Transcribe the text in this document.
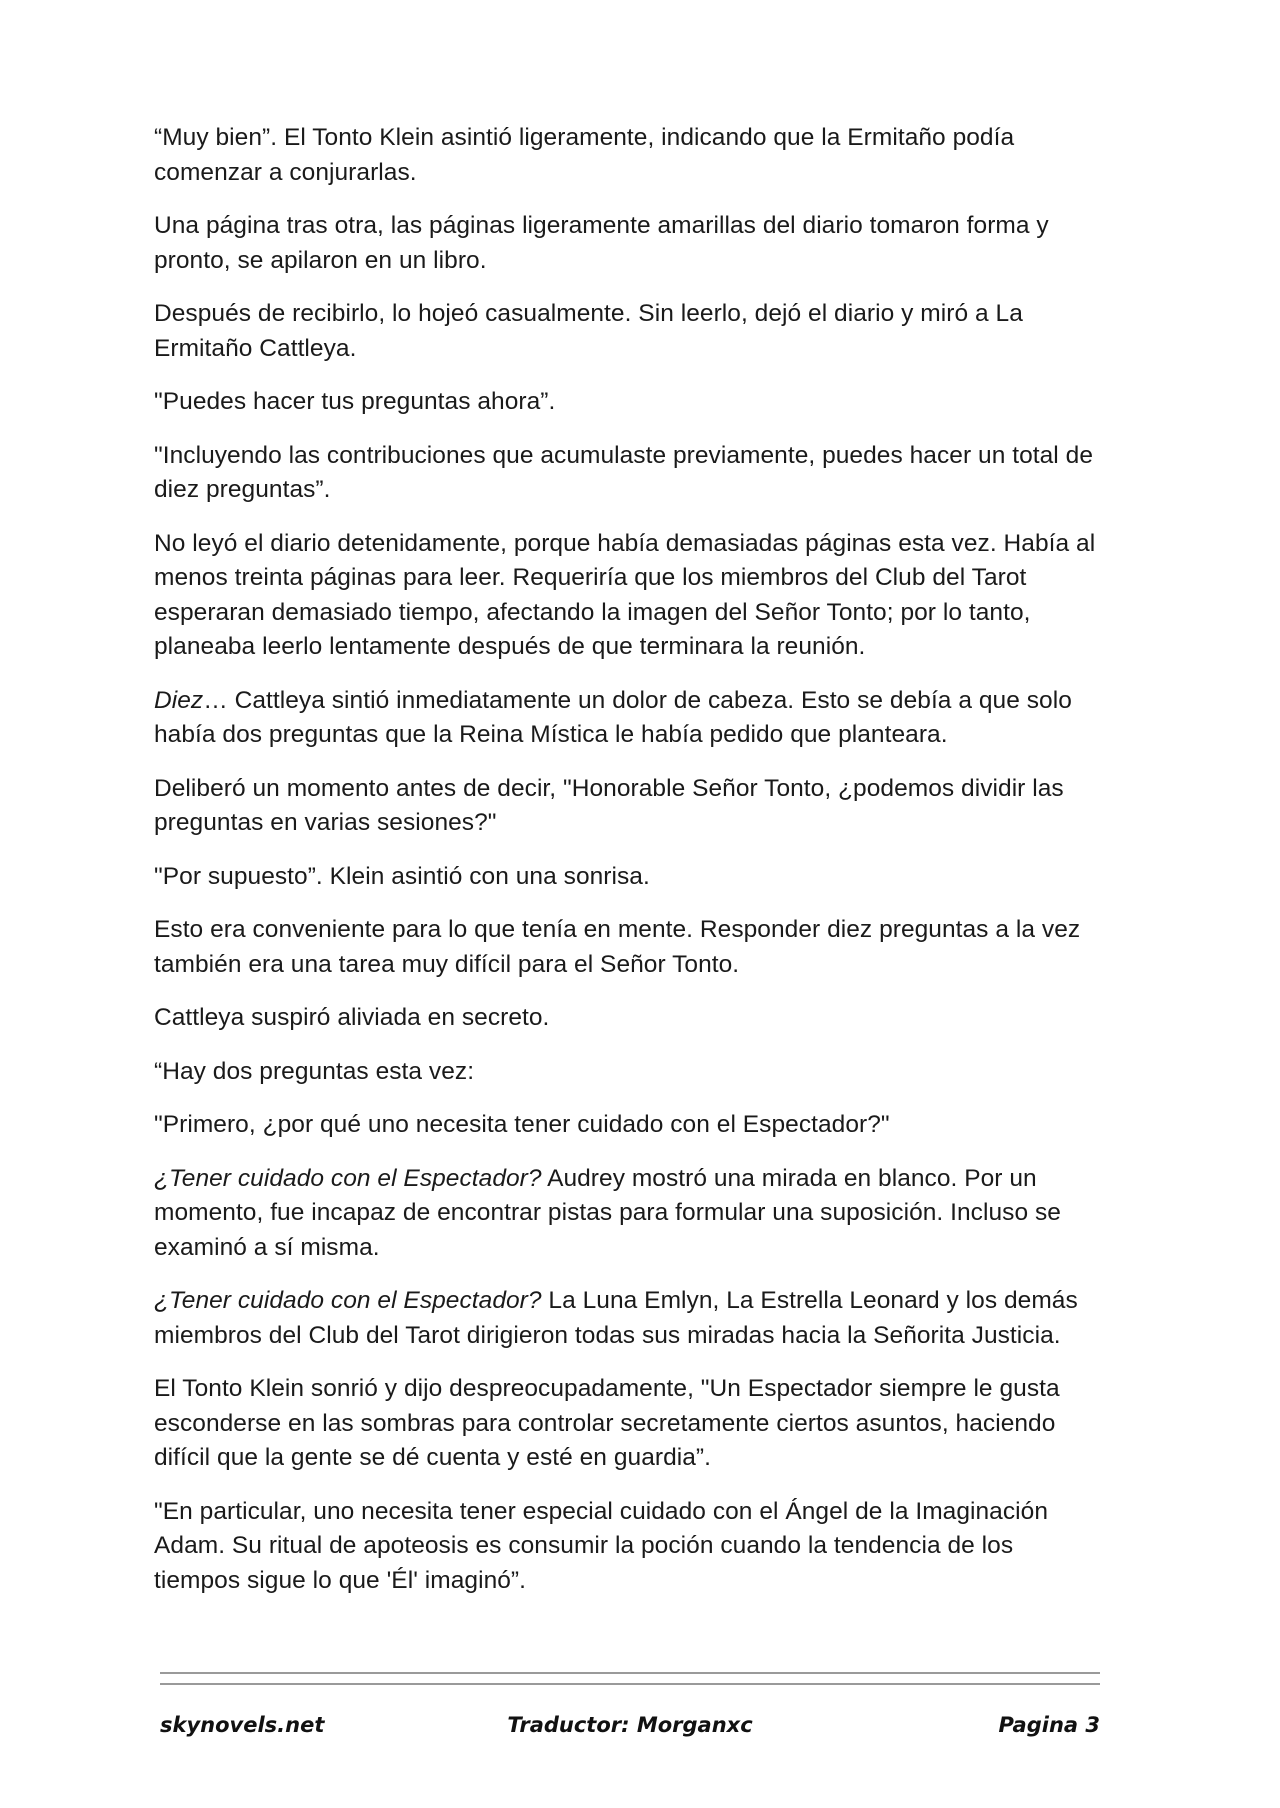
“Muy bien”. El Tonto Klein asintió ligeramente, indicando que la Ermitaño podía comenzar a conjurarlas.

Una página tras otra, las páginas ligeramente amarillas del diario tomaron forma y pronto, se apilaron en un libro.

Después de recibirlo, lo hojeó casualmente. Sin leerlo, dejó el diario y miró a La Ermitaño Cattleya.

"Puedes hacer tus preguntas ahora”.

"Incluyendo las contribuciones que acumulaste previamente, puedes hacer un total de diez preguntas”.

No leyó el diario detenidamente, porque había demasiadas páginas esta vez. Había al menos treinta páginas para leer. Requeriría que los miembros del Club del Tarot esperaran demasiado tiempo, afectando la imagen del Señor Tonto; por lo tanto, planeaba leerlo lentamente después de que terminara la reunión.

Diez… Cattleya sintió inmediatamente un dolor de cabeza. Esto se debía a que solo había dos preguntas que la Reina Mística le había pedido que planteara.

Deliberó un momento antes de decir, "Honorable Señor Tonto, ¿podemos dividir las preguntas en varias sesiones?"

"Por supuesto”. Klein asintió con una sonrisa.

Esto era conveniente para lo que tenía en mente. Responder diez preguntas a la vez también era una tarea muy difícil para el Señor Tonto.

Cattleya suspiró aliviada en secreto.

“Hay dos preguntas esta vez:

"Primero, ¿por qué uno necesita tener cuidado con el Espectador?"

¿Tener cuidado con el Espectador? Audrey mostró una mirada en blanco. Por un momento, fue incapaz de encontrar pistas para formular una suposición. Incluso se examinó a sí misma.

¿Tener cuidado con el Espectador? La Luna Emlyn, La Estrella Leonard y los demás miembros del Club del Tarot dirigieron todas sus miradas hacia la Señorita Justicia.

El Tonto Klein sonrió y dijo despreocupadamente, "Un Espectador siempre le gusta esconderse en las sombras para controlar secretamente ciertos asuntos, haciendo difícil que la gente se dé cuenta y esté en guardia”.

"En particular, uno necesita tener especial cuidado con el Ángel de la Imaginación Adam. Su ritual de apoteosis es consumir la poción cuando la tendencia de los tiempos sigue lo que 'Él' imaginó”.

skynovels.net	Traductor: Morganxc	Pagina 3
